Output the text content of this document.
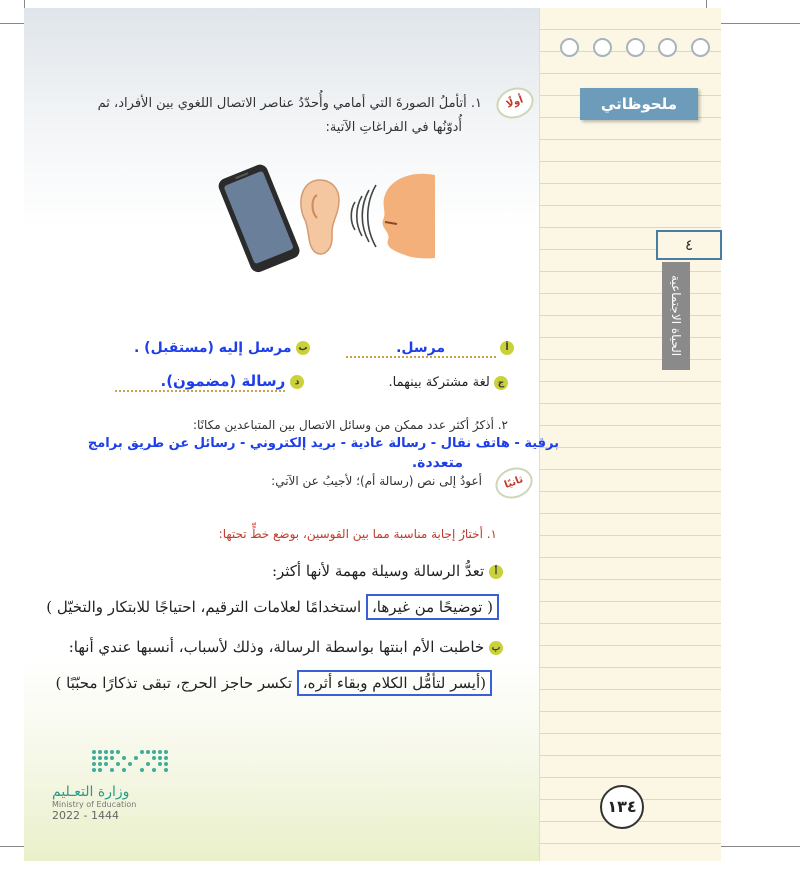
ملحوظاتي
٤
الحياة الاجتماعية
أولًا
١. أتأملُ الصورةَ التي أمامي وأُحدّدُ عناصر الاتصال اللغوي بين الأفراد، ثم
أُدوّنُها في الفراغاتِ الآتية:
أ مرسل.
ب مرسل إليه (مستقبل) .
ج لغة مشتركة بينهما.
د رسالة (مضمون).
٢. أذكرُ أكثر عدد ممكن من وسائل الاتصال بين المتباعدين مكانًا:
برقية - هاتف نقال - رسالة عادية - بريد إلكتروني - رسائل عن طريق برامج
متعددة.
ثانيًا
أعودُ إلى نص (رسالة أم)؛ لأجيبُ عن الآتي:
١. أختارُ إجابة مناسبة مما بين القوسين، بوضع خطٍّ تحتها:
أ تعدُّ الرسالة وسيلة مهمة لأنها أكثر:
( توضيحًا من غيرها، استخدامًا لعلامات الترقيم، احتياجًا للابتكار والتخيّل )
ب خاطبت الأم ابنتها بواسطة الرسالة، وذلك لأسباب، أنسبها عندي أنها:
(أيسر لتأمُّل الكلام وبقاء أثره، تكسر حاجز الحرج، تبقى تذكارًا محبّبًا )
وزارة التعـليم
Ministry of Education
2022 - 1444	١٣٤
